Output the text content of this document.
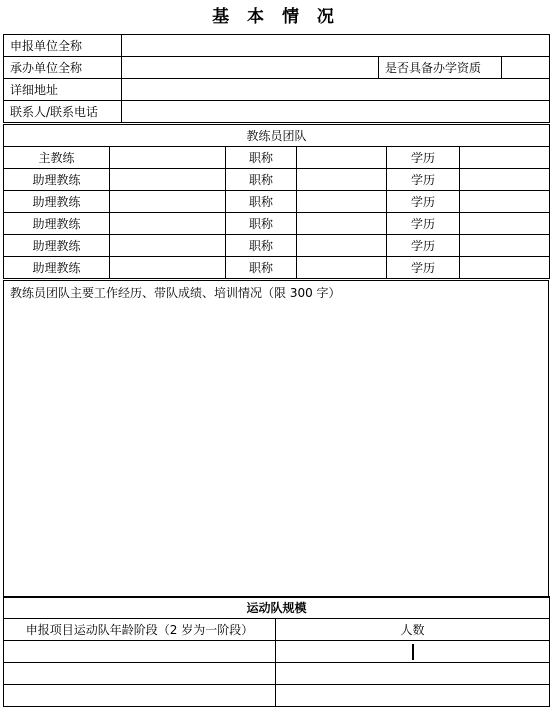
基 本 情 况
申报单位全称			
承办单位全称		是否具备办学资质	
详细地址			
联系人/联系电话			
教练员团队					
主教练		职称		学历	
助理教练		职称		学历	
助理教练		职称		学历	
助理教练		职称		学历	
助理教练		职称		学历	
助理教练		职称		学历	
教练员团队主要工作经历、带队成绩、培训情况（限 300 字）
运动队规模	
申报项目运动队年龄阶段（2 岁为一阶段）	人数
